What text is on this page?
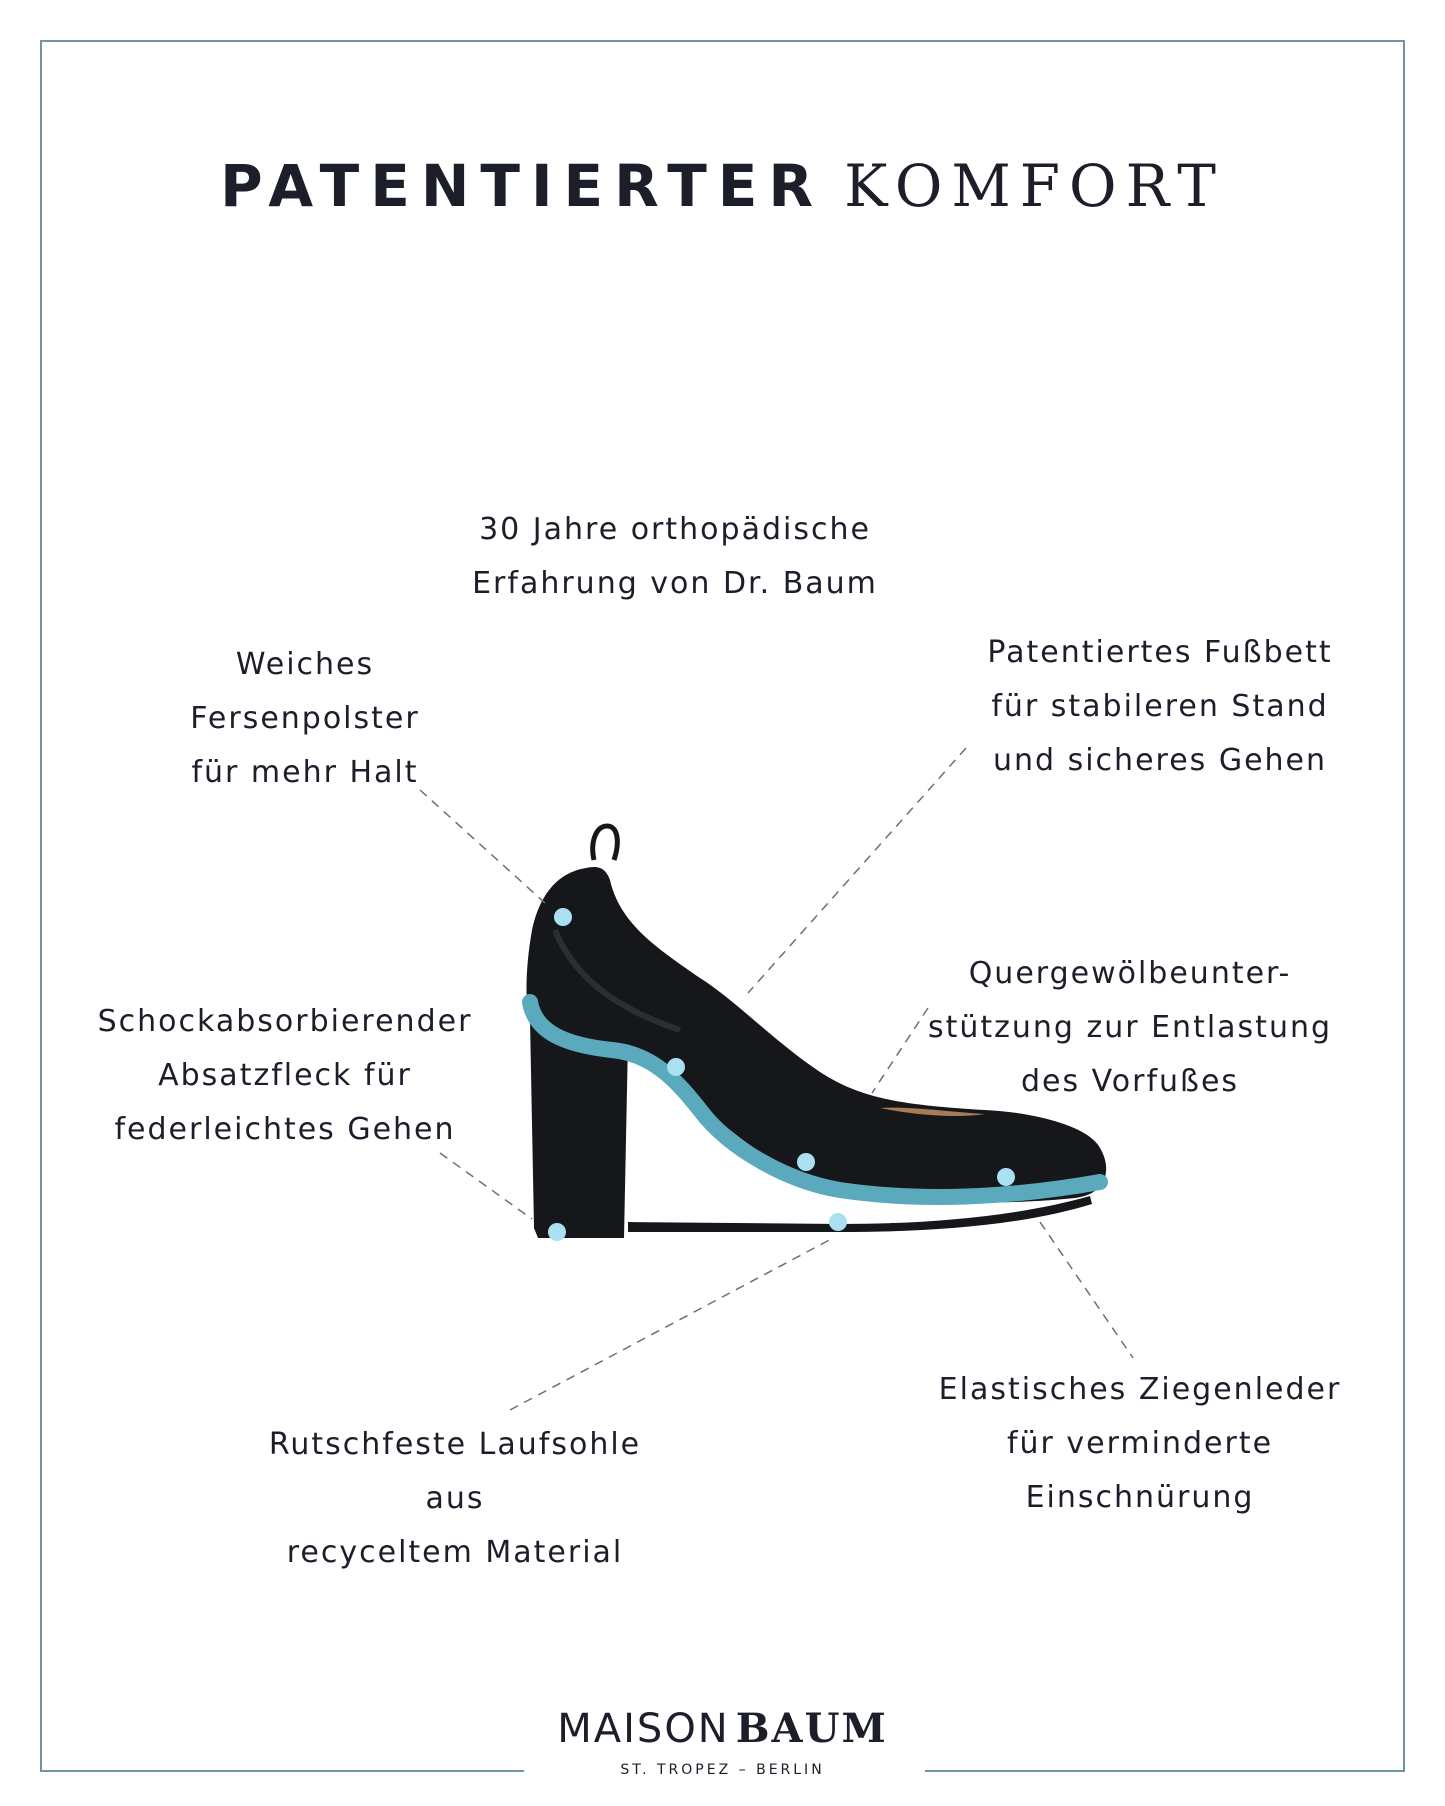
PATENTIERTER KOMFORT
30 Jahre orthopädische
Erfahrung von Dr. Baum
Weiches
Fersenpolster
für mehr Halt
Patentiertes Fußbett
für stabileren Stand
und sicheres Gehen
Schockabsorbierender
Absatzfleck für
federleichtes Gehen
Quergewölbeunter-
stützung zur Entlastung
des Vorfußes
Elastisches Ziegenleder
für verminderte
Einschnürung
Rutschfeste Laufsohle
aus
recyceltem Material
MAISON BAUM
ST. TROPEZ – BERLIN
